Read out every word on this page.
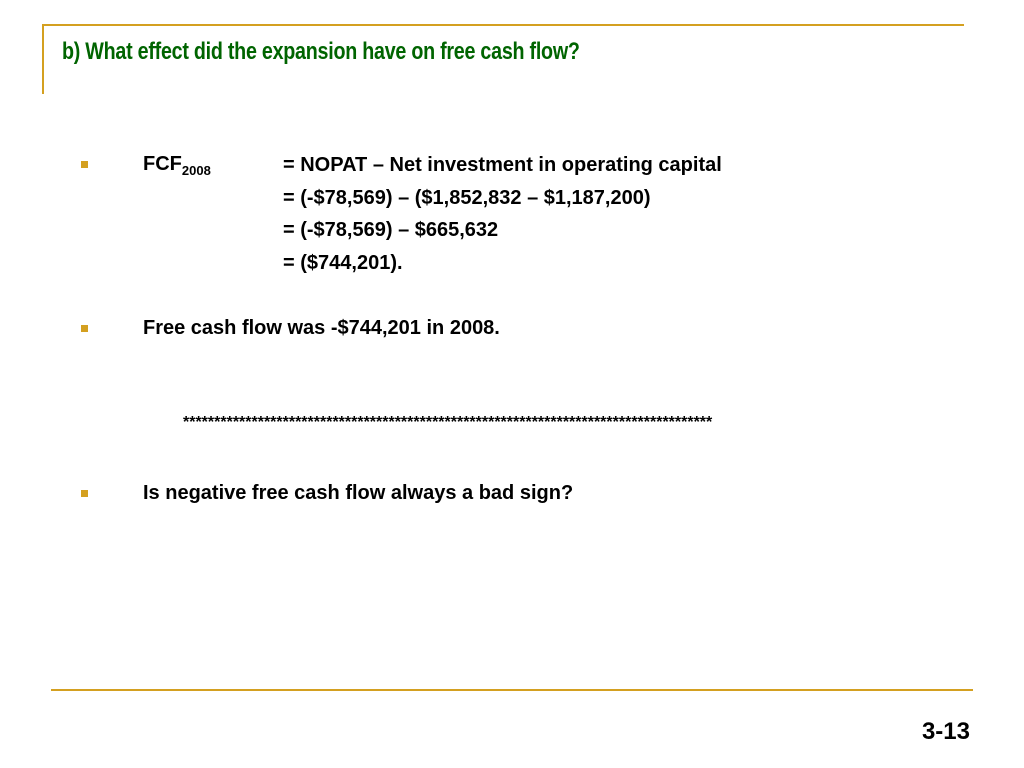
b) What effect did the expansion have on free cash flow?
$FCF_{2008}$	= NOPAT – Net investment in operating capital
= (-$78,569) – ($1,852,832 – $1,187,200)
= (-$78,569) – $665,632
= ($744,201).
Free cash flow was -$744,201 in 2008.
*************************************************************************************
Is negative free cash flow always a bad sign?
3-13
